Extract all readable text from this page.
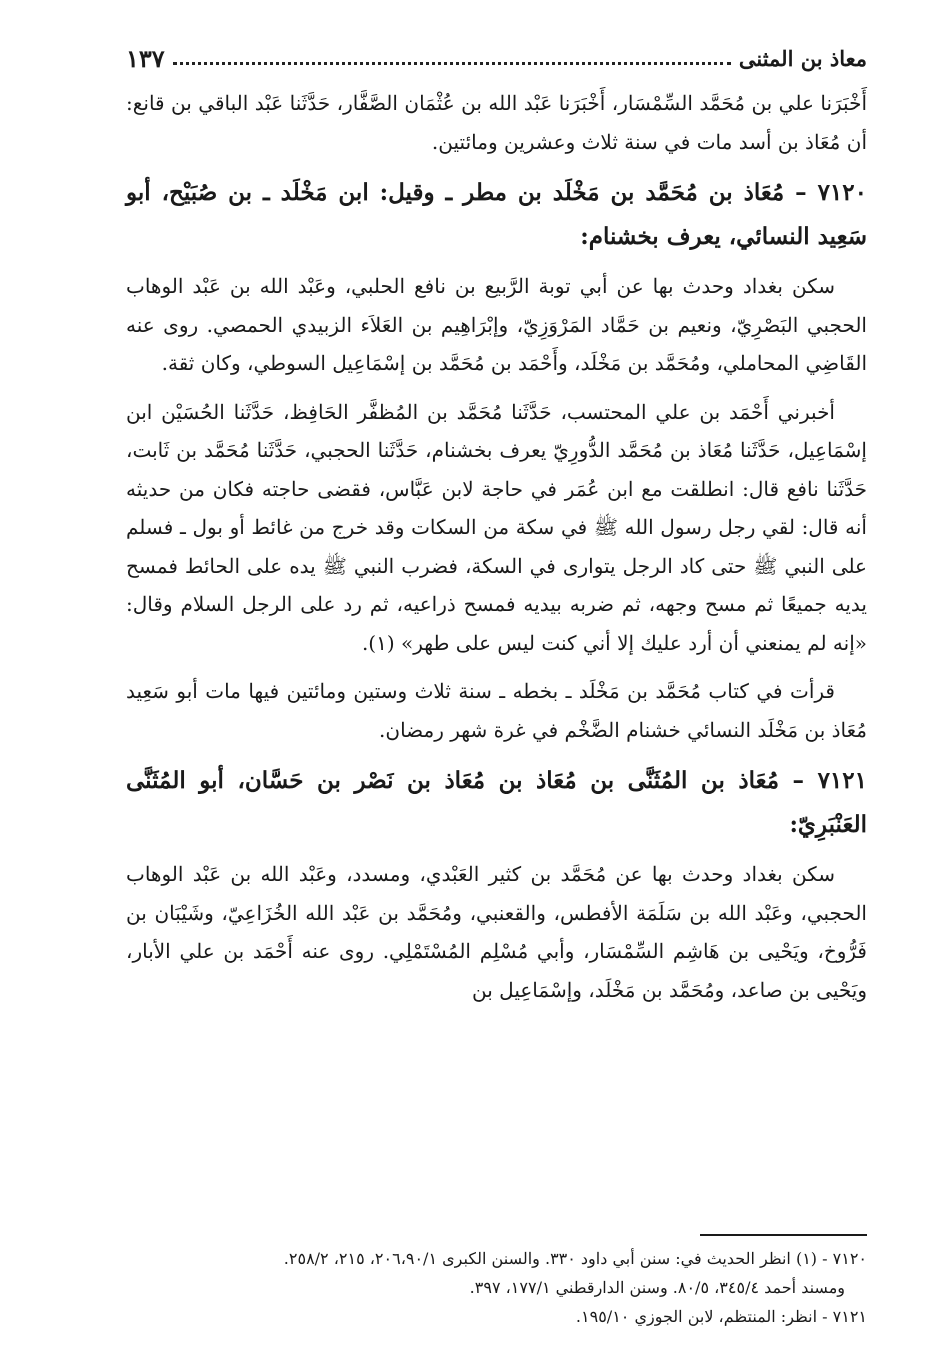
معاذ بن المثنى
١٣٧

أَخْبَرَنا علي بن مُحَمَّد السِّمْسَار، أَخْبَرَنا عَبْد الله بن عُثْمَان الصَّفَّار، حَدَّثَنا عَبْد الباقي بن قانع: أن مُعَاذ بن أسد مات في سنة ثلاث وعشرين ومائتين.

٧١٢٠ – مُعَاذ بن مُحَمَّد بن مَخْلَد بن مطر ـ وقيل: ابن مَخْلَد ـ بن صُبَيْح، أبو سَعِيد النسائي، يعرف بخشنام:

سكن بغداد وحدث بها عن أبي توبة الرَّبيع بن نافع الحلبي، وعَبْد الله بن عَبْد الوهاب الحجبي البَصْرِيّ، ونعيم بن حَمَّاد المَرْوَزِيّ، وإبْرَاهِيم بن العَلاَء الزبيدي الحمصي. روى عنه القَاضِي المحاملي، ومُحَمَّد بن مَخْلَد، وأَحْمَد بن مُحَمَّد بن إسْمَاعِيل السوطي، وكان ثقة.

أخبرني أَحْمَد بن علي المحتسب، حَدَّثَنا مُحَمَّد بن المُظفَّر الحَافِظ، حَدَّثَنا الحُسَيْن ابن إسْمَاعِيل، حَدَّثَنا مُعَاذ بن مُحَمَّد الدُّورِيّ يعرف بخشنام، حَدَّثَنا الحجبي، حَدَّثَنا مُحَمَّد بن ثَابت، حَدَّثَنا نافع قال: انطلقت مع ابن عُمَر في حاجة لابن عَبَّاس، فقضى حاجته فكان من حديثه أنه قال: لقي رجل رسول الله ﷺ في سكة من السكات وقد خرج من غائط أو بول ـ فسلم على النبي ﷺ حتى كاد الرجل يتوارى في السكة، فضرب النبي ﷺ يده على الحائط فمسح يديه جميعًا ثم مسح وجهه، ثم ضربه بيديه فمسح ذراعيه، ثم رد على الرجل السلام وقال: «إنه لم يمنعني أن أرد عليك إلا أني كنت ليس على طهر» (١).

قرأت في كتاب مُحَمَّد بن مَخْلَد ـ بخطه ـ سنة ثلاث وستين ومائتين فيها مات أبو سَعِيد مُعَاذ بن مَخْلَد النسائي خشنام الضَّخْم في غرة شهر رمضان.

٧١٢١ – مُعَاذ بن المُثَنَّى بن مُعَاذ بن مُعَاذ بن نَصْر بن حَسَّان، أبو المُثَنَّى العَنْبَرِيّ:

سكن بغداد وحدث بها عن مُحَمَّد بن كثير العَبْدي، ومسدد، وعَبْد الله بن عَبْد الوهاب الحجبي، وعَبْد الله بن سَلَمَة الأفطس، والقعنبي، ومُحَمَّد بن عَبْد الله الخُزَاعِيّ، وشَيْبَان بن فَرُّوخ، ويَحْيى بن هَاشِم السِّمْسَار، وأبي مُسْلِم المُسْتَمْلِي. روى عنه أَحْمَد بن علي الأبار، ويَحْيى بن صاعد، ومُحَمَّد بن مَخْلَد، وإسْمَاعِيل بن

٧١٢٠ - (١) انظر الحديث في: سنن أبي داود ٣٣٠. والسنن الكبرى ٢٠٦،٩٠/١، ٢١٥، ٢٥٨/٢.

ومسند أحمد ٣٤٥/٤، ٨٠/٥. وسنن الدارقطني ١٧٧/١، ٣٩٧.

٧١٢١ - انظر: المنتظم، لابن الجوزي ١٩٥/١٠.
